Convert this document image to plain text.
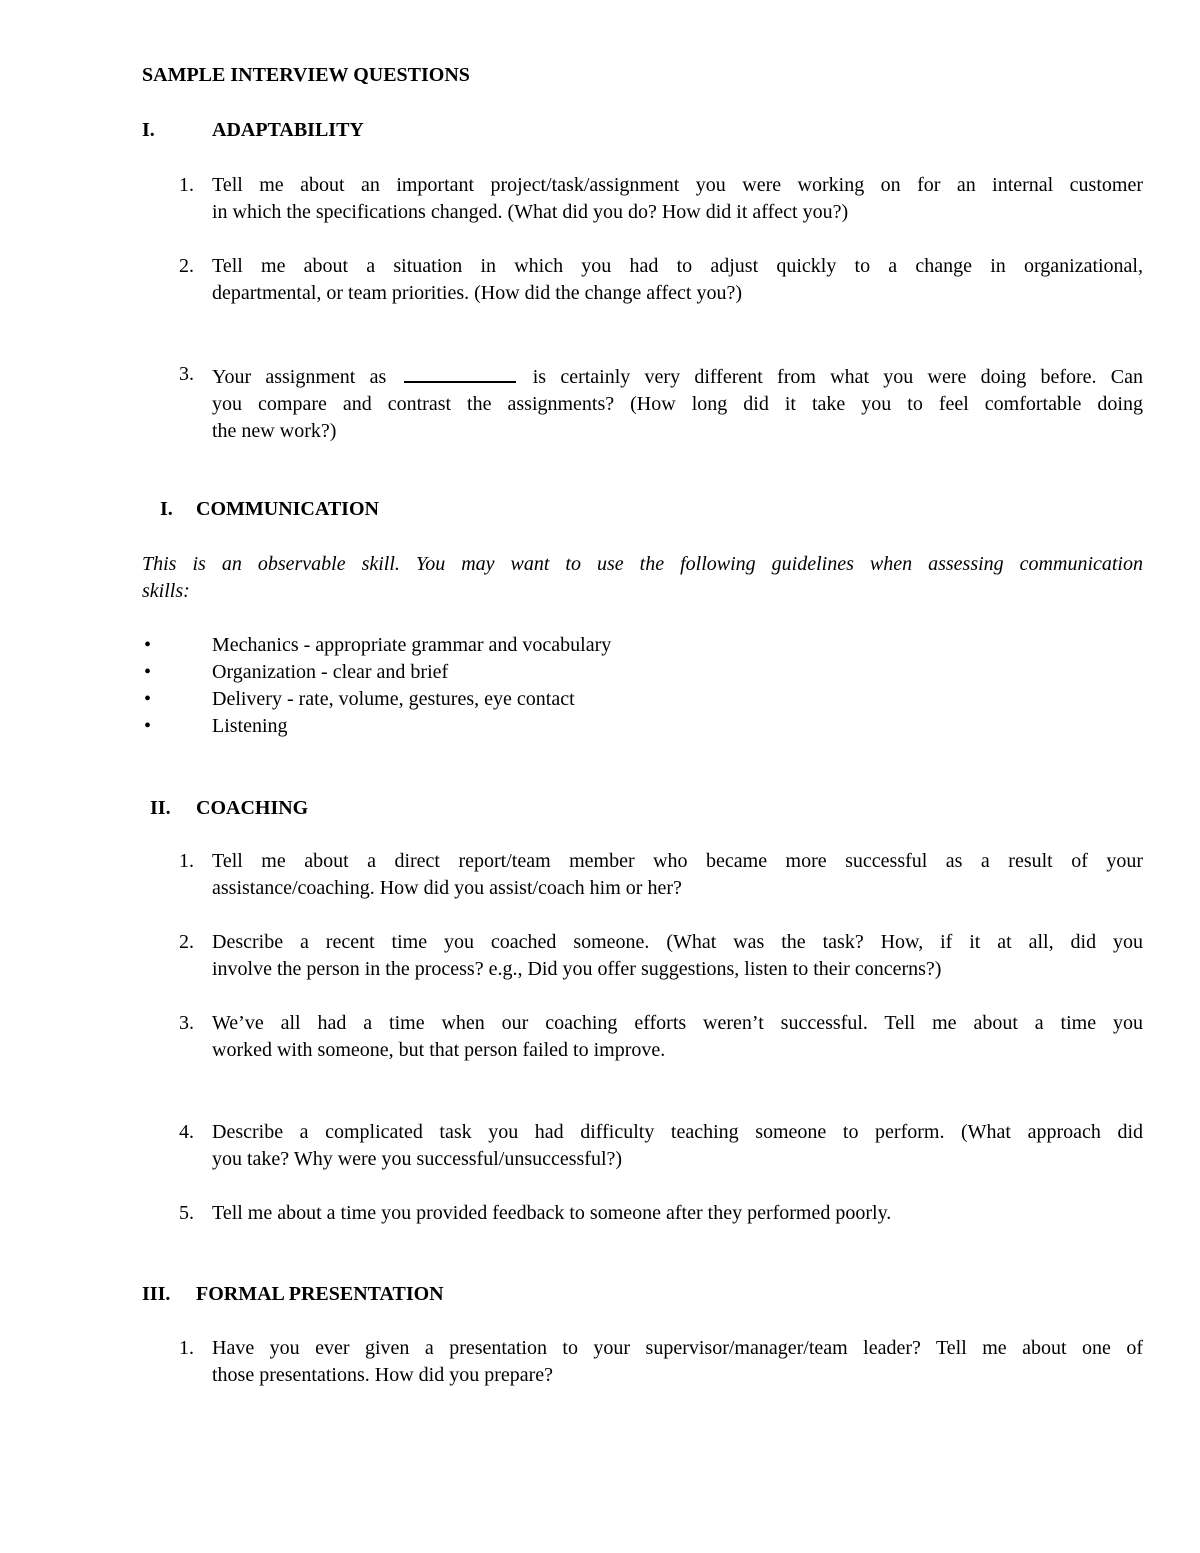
SAMPLE INTERVIEW QUESTIONS
I.	ADAPTABILITY
1. Tell me about an important project/task/assignment you were working on for an internal customer
in which the specifications changed. (What did you do? How did it affect you?)
2. Tell me about a situation in which you had to adjust quickly to a change in organizational,
departmental, or team priorities. (How did the change affect you?)
3. Your assignment as	is certainly very different from what you were doing before. Can
you compare and contrast the assignments? (How long did it take you to feel comfortable doing
the new work?)
I. COMMUNICATION
This is an observable skill. You may want to use the following guidelines when assessing communication
skills:
•	Mechanics - appropriate grammar and vocabulary
•	Organization - clear and brief
•	Delivery - rate, volume, gestures, eye contact
•	Listening
II. COACHING
1. Tell me about a direct report/team member who became more successful as a result of your
assistance/coaching. How did you assist/coach him or her?
2. Describe a recent time you coached someone. (What was the task? How, if it at all, did you
involve the person in the process? e.g., Did you offer suggestions, listen to their concerns?)
3. We’ve all had a time when our coaching efforts weren’t successful. Tell me about a time you
worked with someone, but that person failed to improve.
4. Describe a complicated task you had difficulty teaching someone to perform. (What approach did
you take? Why were you successful/unsuccessful?)
5. Tell me about a time you provided feedback to someone after they performed poorly.
III. FORMAL PRESENTATION
1. Have you ever given a presentation to your supervisor/manager/team leader? Tell me about one of
those presentations. How did you prepare?
